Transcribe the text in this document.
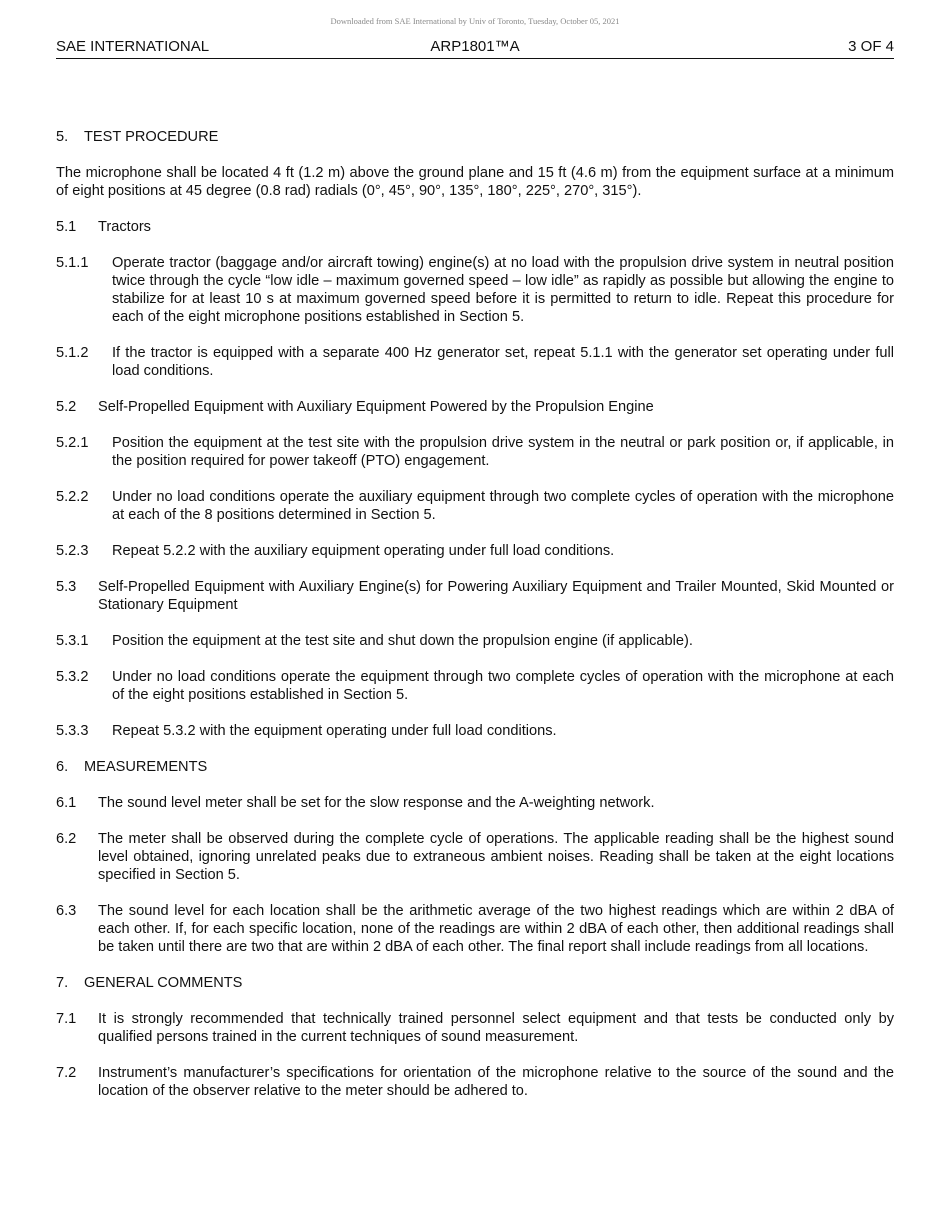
Downloaded from SAE International by Univ of Toronto, Tuesday, October 05, 2021
SAE INTERNATIONAL	ARP1801™A	3 OF 4
5.	TEST PROCEDURE

The microphone shall be located 4 ft (1.2 m) above the ground plane and 15 ft (4.6 m) from the equipment surface at a minimum of eight positions at 45 degree (0.8 rad) radials (0°, 45°, 90°, 135°, 180°, 225°, 270°, 315°).

5.1	Tractors
5.1.1	Operate tractor (baggage and/or aircraft towing) engine(s) at no load with the propulsion drive system in neutral position twice through the cycle “low idle – maximum governed speed – low idle” as rapidly as possible but allowing the engine to stabilize for at least 10 s at maximum governed speed before it is permitted to return to idle. Repeat this procedure for each of the eight microphone positions established in Section 5.
5.1.2	If the tractor is equipped with a separate 400 Hz generator set, repeat 5.1.1 with the generator set operating under full load conditions.
5.2	Self-Propelled Equipment with Auxiliary Equipment Powered by the Propulsion Engine
5.2.1	Position the equipment at the test site with the propulsion drive system in the neutral or park position or, if applicable, in the position required for power takeoff (PTO) engagement.
5.2.2	Under no load conditions operate the auxiliary equipment through two complete cycles of operation with the microphone at each of the 8 positions determined in Section 5.
5.2.3	Repeat 5.2.2 with the auxiliary equipment operating under full load conditions.
5.3	Self-Propelled Equipment with Auxiliary Engine(s) for Powering Auxiliary Equipment and Trailer Mounted, Skid Mounted or Stationary Equipment
5.3.1	Position the equipment at the test site and shut down the propulsion engine (if applicable).
5.3.2	Under no load conditions operate the equipment through two complete cycles of operation with the microphone at each of the eight positions established in Section 5.
5.3.3	Repeat 5.3.2 with the equipment operating under full load conditions.
6.	MEASUREMENTS
6.1	The sound level meter shall be set for the slow response and the A-weighting network.
6.2	The meter shall be observed during the complete cycle of operations. The applicable reading shall be the highest sound level obtained, ignoring unrelated peaks due to extraneous ambient noises. Reading shall be taken at the eight locations specified in Section 5.
6.3	The sound level for each location shall be the arithmetic average of the two highest readings which are within 2 dBA of each other. If, for each specific location, none of the readings are within 2 dBA of each other, then additional readings shall be taken until there are two that are within 2 dBA of each other. The final report shall include readings from all locations.
7.	GENERAL COMMENTS
7.1	It is strongly recommended that technically trained personnel select equipment and that tests be conducted only by qualified persons trained in the current techniques of sound measurement.
7.2	Instrument’s manufacturer’s specifications for orientation of the microphone relative to the source of the sound and the location of the observer relative to the meter should be adhered to.
